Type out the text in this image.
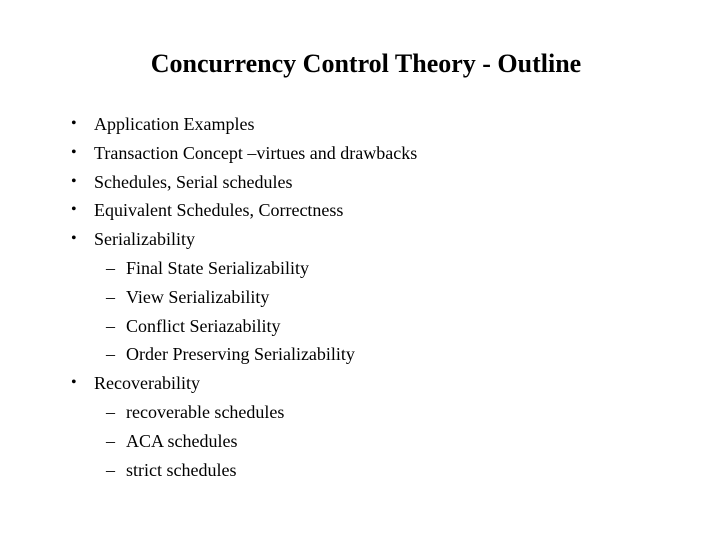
Concurrency Control Theory - Outline
• Application Examples
• Transaction Concept –virtues and drawbacks
• Schedules, Serial schedules
• Equivalent Schedules, Correctness
• Serializability
– Final State Serializability
– View Serializability
– Conflict Seriazability
– Order Preserving Serializability
• Recoverability
– recoverable schedules
– ACA schedules
– strict schedules
